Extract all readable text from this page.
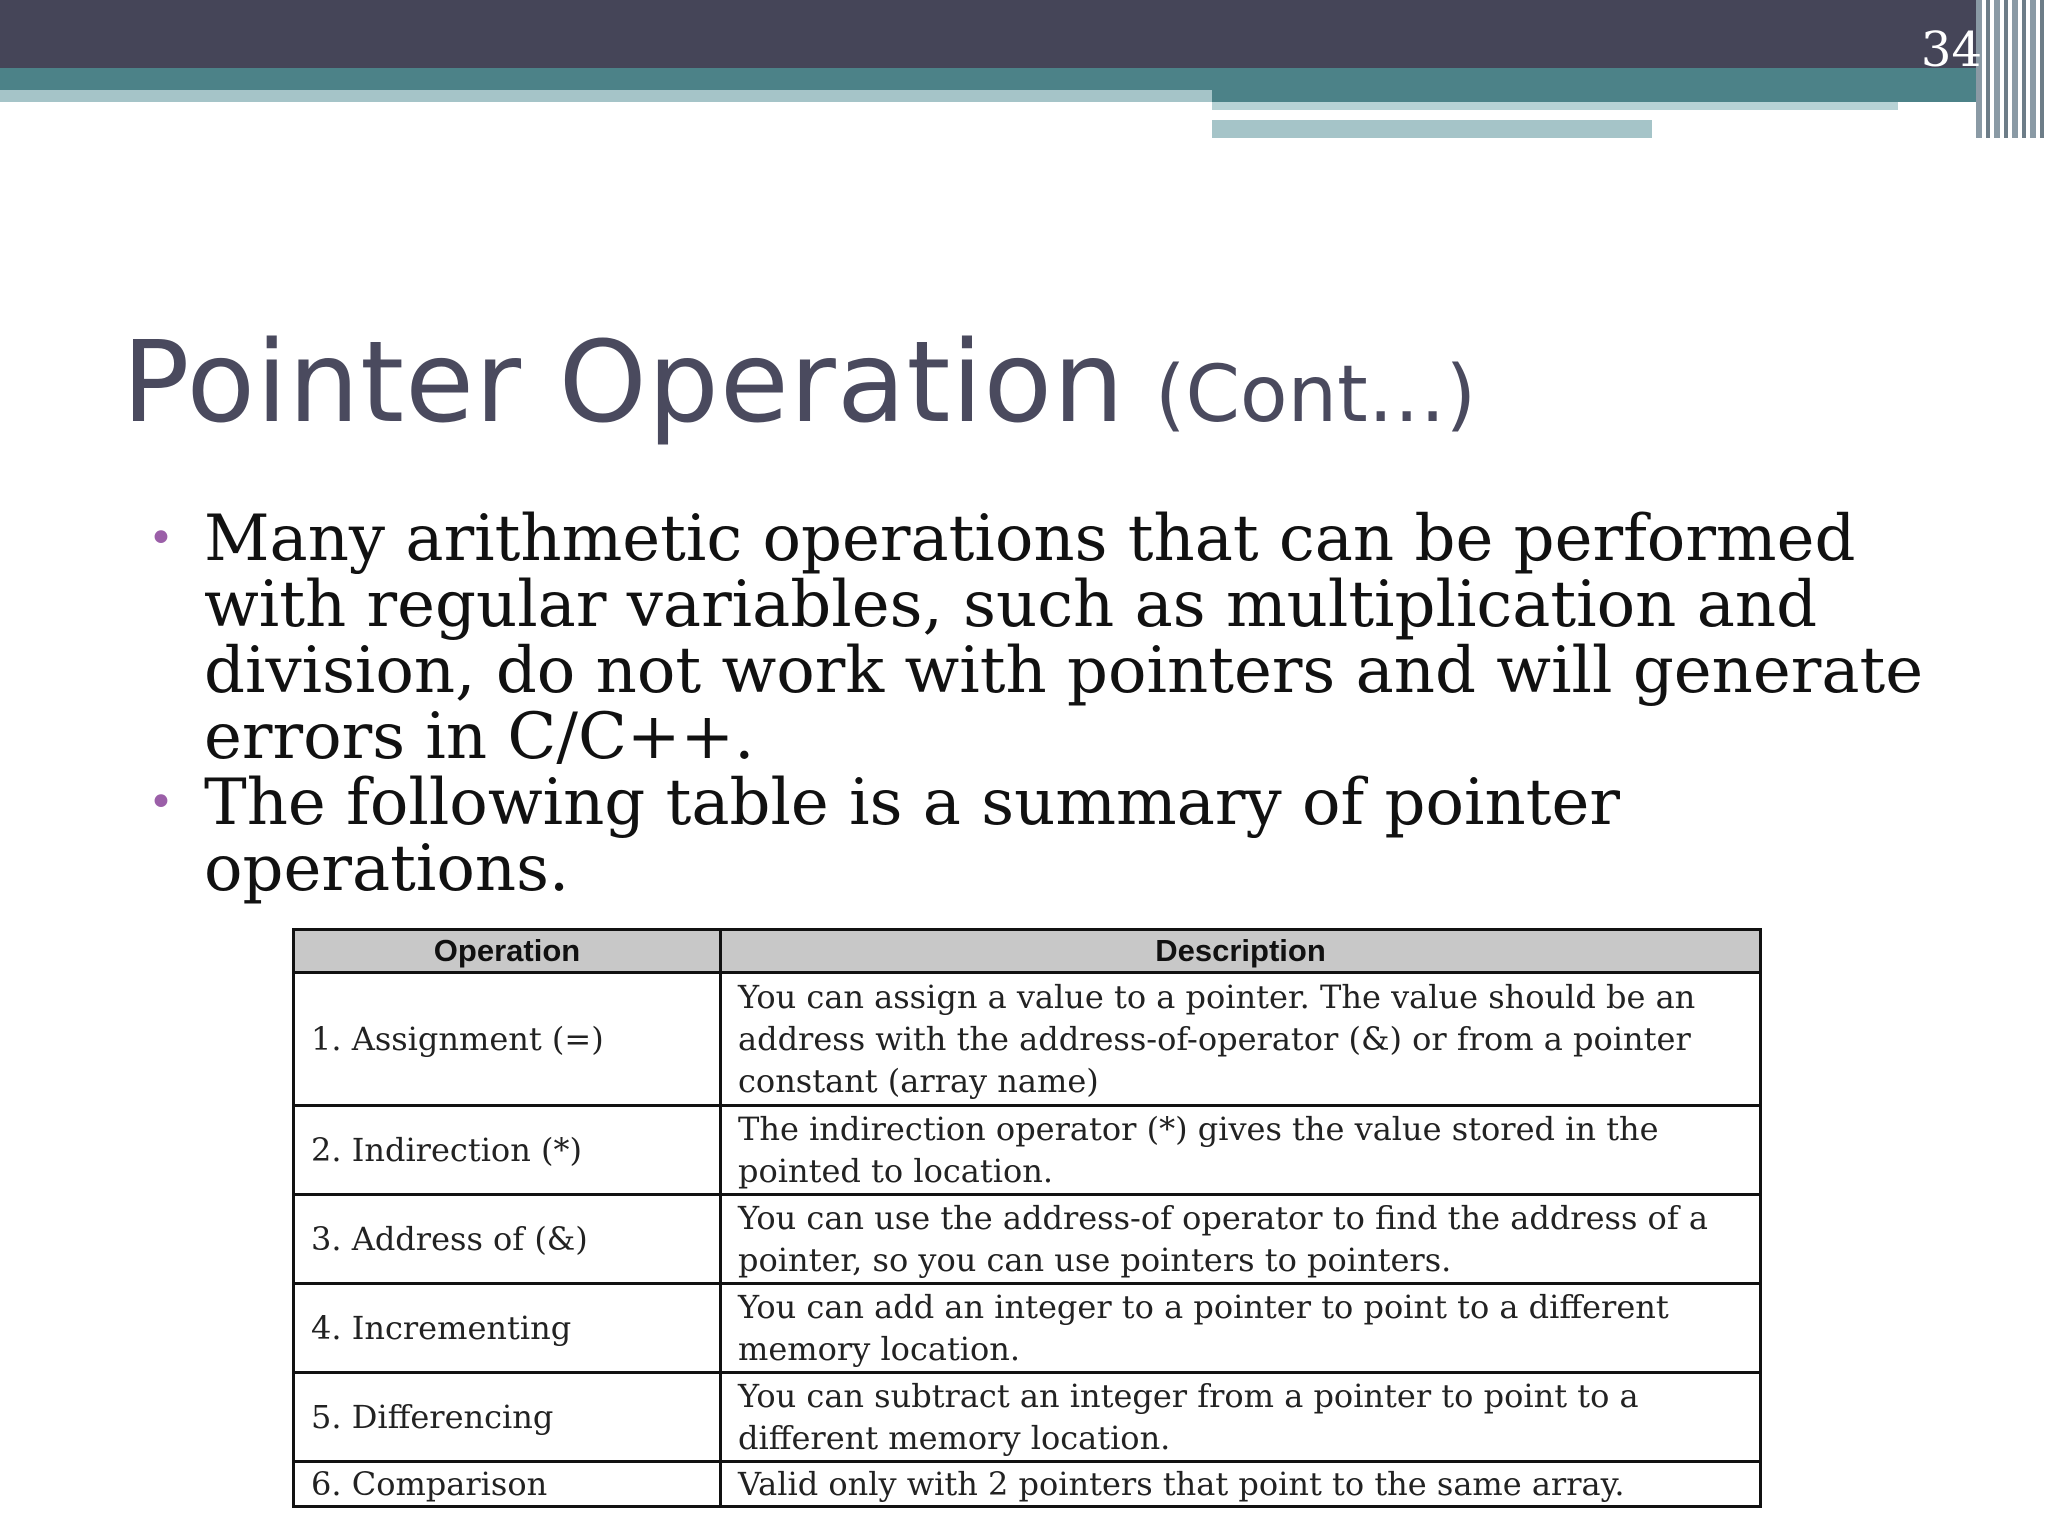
34
Pointer Operation (Cont…)
• Many arithmetic operations that can be performed with regular variables, such as multiplication and division, do not work with pointers and will generate errors in C/C++.
• The following table is a summary of pointer operations.
Operation	Description
1. Assignment (=)	You can assign a value to a pointer. The value should be an address with the address-of-operator (&) or from a pointer constant (array name)
2. Indirection (*)	The indirection operator (*) gives the value stored in the pointed to location.
3. Address of (&)	You can use the address-of operator to find the address of a pointer, so you can use pointers to pointers.
4. Incrementing	You can add an integer to a pointer to point to a different memory location.
5. Differencing	You can subtract an integer from a pointer to point to a different memory location.
6. Comparison	Valid only with 2 pointers that point to the same array.
